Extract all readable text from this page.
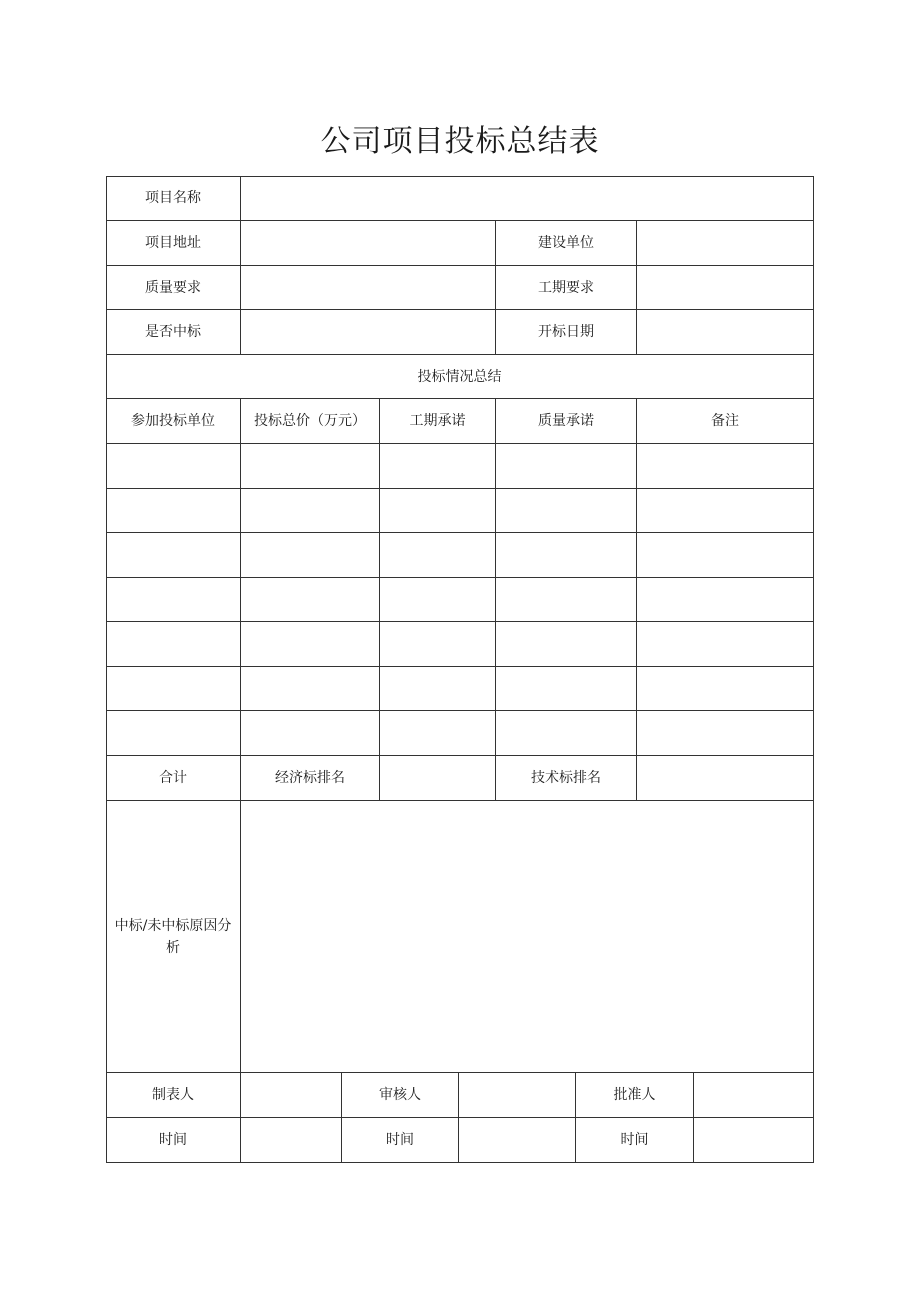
公司项目投标总结表
项目名称
项目地址	建设单位
质量要求	工期要求
是否中标	开标日期
投标情况总结
参加投标单位	投标总价（万元）	工期承诺	质量承诺	备注
合计	经济标排名	技术标排名
中标/未中标原因分析
制表人	审核人	批准人
时间	时间	时间
